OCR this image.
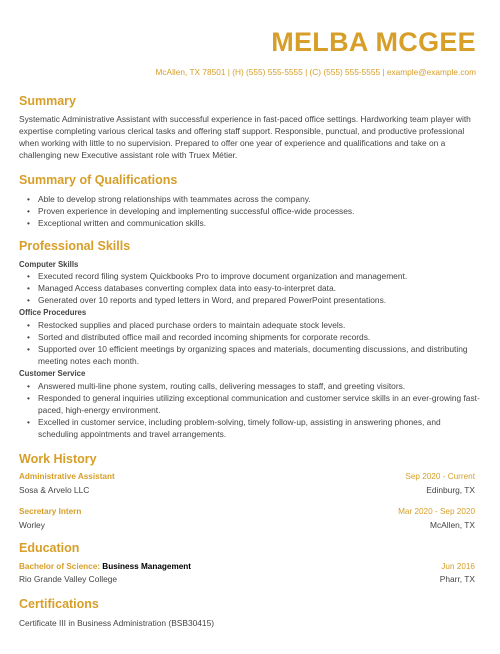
MELBA MCGEE
McAllen, TX 78501 | (H) (555) 555-5555 | (C) (555) 555-5555 | example@example.com
Summary
Systematic Administrative Assistant with successful experience in fast-paced office settings. Hardworking team player with expertise completing various clerical tasks and offering staff support. Responsible, punctual, and productive professional when working with little to no supervision. Prepared to offer one year of experience and qualifications and take on a challenging new Executive assistant role with Truex Métier.
Summary of Qualifications
• Able to develop strong relationships with teammates across the company.
• Proven experience in developing and implementing successful office-wide processes.
• Exceptional written and communication skills.
Professional Skills
Computer Skills
• Executed record filing system Quickbooks Pro to improve document organization and management.
• Managed Access databases converting complex data into easy-to-interpret data.
• Generated over 10 reports and typed letters in Word, and prepared PowerPoint presentations.
Office Procedures
• Restocked supplies and placed purchase orders to maintain adequate stock levels.
• Sorted and distributed office mail and recorded incoming shipments for corporate records.
• Supported over 10 efficient meetings by organizing spaces and materials, documenting discussions, and distributing meeting notes each month.
Customer Service
• Answered multi-line phone system, routing calls, delivering messages to staff, and greeting visitors.
• Responded to general inquiries utilizing exceptional communication and customer service skills in an ever-growing fast-paced, high-energy environment.
• Excelled in customer service, including problem-solving, timely follow-up, assisting in answering phones, and scheduling appointments and travel arrangements.
Work History
Administrative Assistant	Sep 2020 - Current
Sosa & Arvelo LLC	Edinburg, TX
Secretary Intern	Mar 2020 - Sep 2020
Worley	McAllen, TX
Education
Bachelor of Science: Business Management	Jun 2016
Rio Grande Valley College	Pharr, TX
Certifications
Certificate III in Business Administration (BSB30415)
